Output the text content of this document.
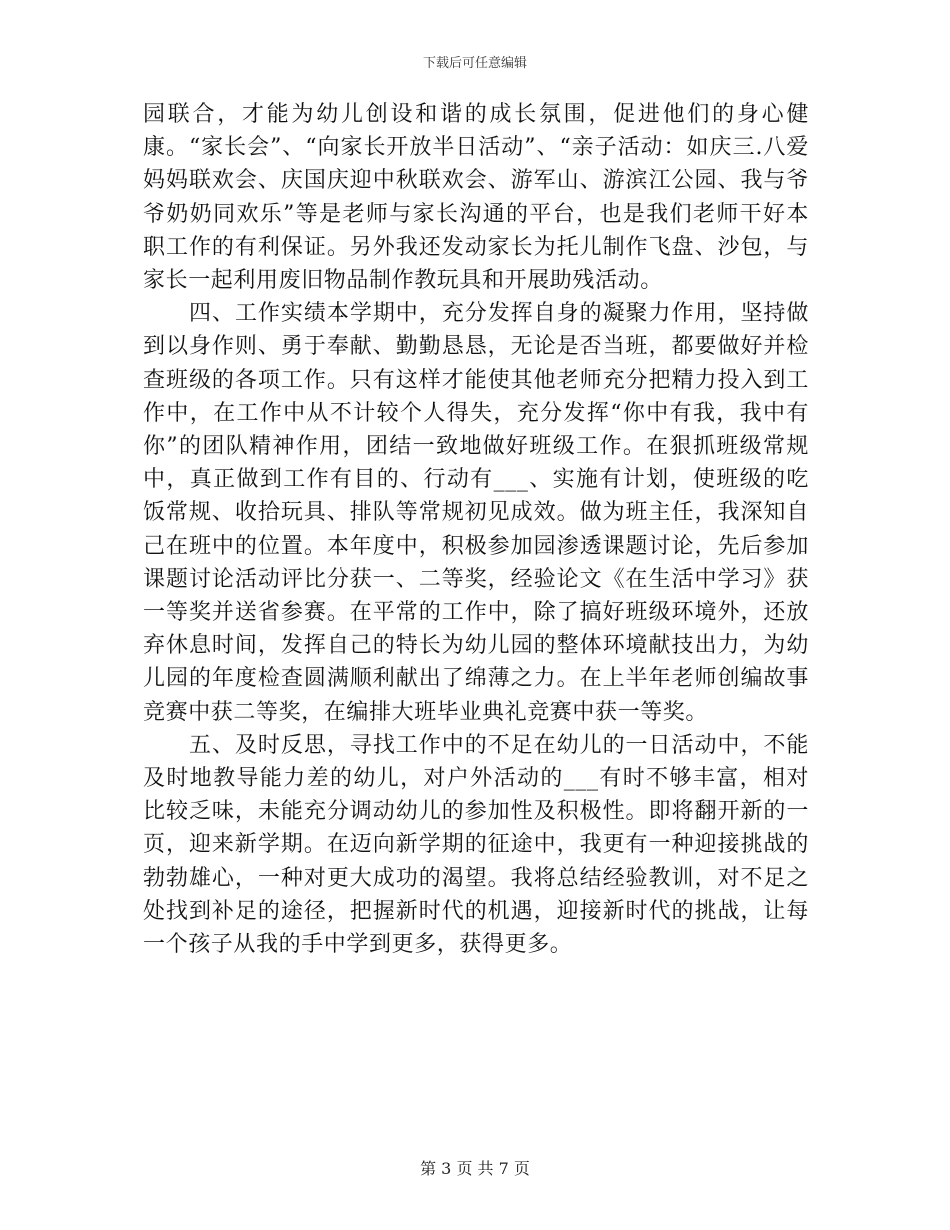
下载后可任意编辑

园联合，才能为幼儿创设和谐的成长氛围，促进他们的身心健康。“家长会”、“向家长开放半日活动”、“亲子活动：如庆三.八爱妈妈联欢会、庆国庆迎中秋联欢会、游军山、游滨江公园、我与爷爷奶奶同欢乐”等是老师与家长沟通的平台，也是我们老师干好本职工作的有利保证。另外我还发动家长为托儿制作飞盘、沙包，与家长一起利用废旧物品制作教玩具和开展助残活动。

四、工作实绩本学期中，充分发挥自身的凝聚力作用，坚持做到以身作则、勇于奉献、勤勤恳恳，无论是否当班，都要做好并检查班级的各项工作。只有这样才能使其他老师充分把精力投入到工作中，在工作中从不计较个人得失，充分发挥“你中有我，我中有你”的团队精神作用，团结一致地做好班级工作。在狠抓班级常规中，真正做到工作有目的、行动有___、实施有计划，使班级的吃饭常规、收拾玩具、排队等常规初见成效。做为班主任，我深知自己在班中的位置。本年度中，积极参加园渗透课题讨论，先后参加课题讨论活动评比分获一、二等奖，经验论文《在生活中学习》获一等奖并送省参赛。在平常的工作中，除了搞好班级环境外，还放弃休息时间，发挥自己的特长为幼儿园的整体环境献技出力，为幼儿园的年度检查圆满顺利献出了绵薄之力。在上半年老师创编故事竞赛中获二等奖，在编排大班毕业典礼竞赛中获一等奖。

五、及时反思，寻找工作中的不足在幼儿的一日活动中，不能及时地教导能力差的幼儿，对户外活动的___有时不够丰富，相对比较乏味，未能充分调动幼儿的参加性及积极性。即将翻开新的一页，迎来新学期。在迈向新学期的征途中，我更有一种迎接挑战的勃勃雄心，一种对更大成功的渴望。我将总结经验教训，对不足之处找到补足的途径，把握新时代的机遇，迎接新时代的挑战，让每一个孩子从我的手中学到更多，获得更多。

第 3 页 共 7 页
